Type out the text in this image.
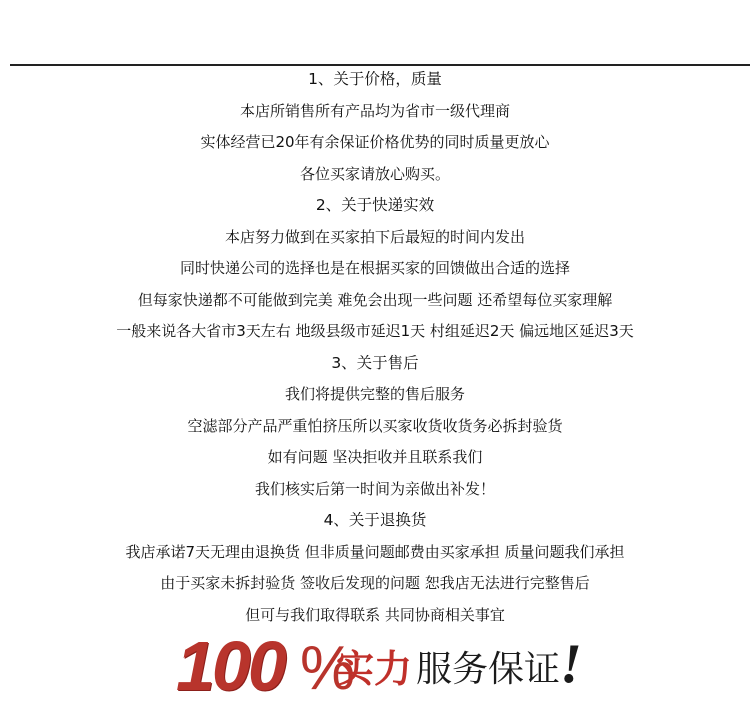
1、关于价格，质量
本店所销售所有产品均为省市一级代理商
实体经营已20年有余保证价格优势的同时质量更放心
各位买家请放心购买。
2、关于快递实效
本店努力做到在买家拍下后最短的时间内发出
同时快递公司的选择也是在根据买家的回馈做出合适的选择
但每家快递都不可能做到完美 难免会出现一些问题 还希望每位买家理解
一般来说各大省市3天左右 地级县级市延迟1天 村组延迟2天 偏远地区延迟3天
3、关于售后
我们将提供完整的售后服务
空滤部分产品严重怕挤压所以买家收货收货务必拆封验货
如有问题 坚决拒收并且联系我们
我们核实后第一时间为亲做出补发！
4、关于退换货
我店承诺7天无理由退换货 但非质量问题邮费由买家承担 质量问题我们承担
由于买家未拆封验货 签收后发现的问题 恕我店无法进行完整售后
但可与我们取得联系 共同协商相关事宜
100 %
实力 服务保证 !
